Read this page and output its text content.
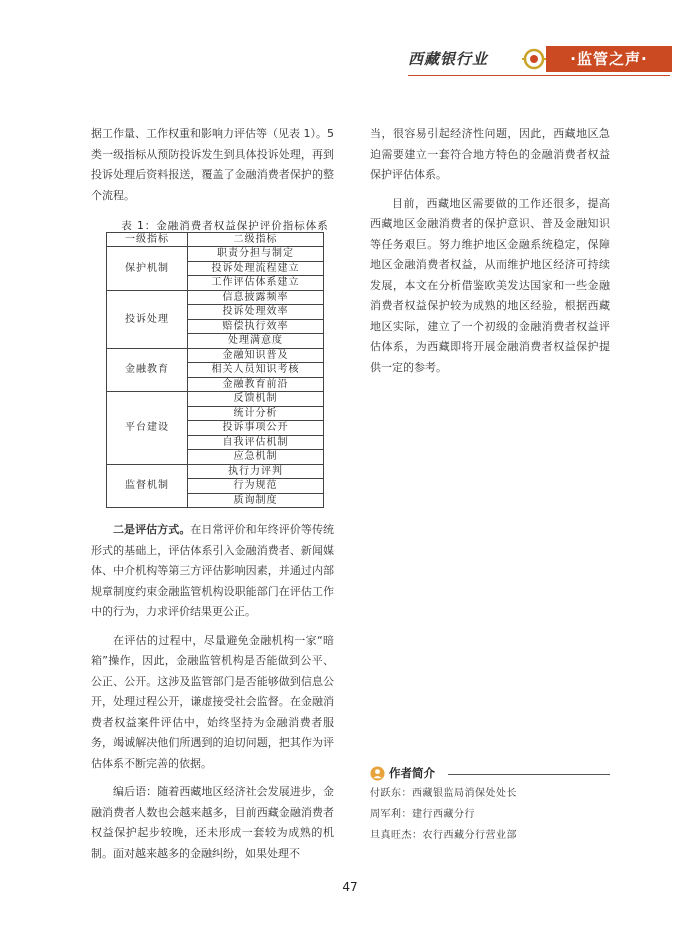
西藏银行业	·监管之声·

据工作量、工作权重和影响力评估等（见表 1）。5 类一级指标从预防投诉发生到具体投诉处理，再到投诉处理后资料报送，覆盖了金融消费者保护的整个流程。

表 1：金融消费者权益保护评价指标体系
一级指标	二级指标
保护机制	职责分担与制定
	投诉处理流程建立
	工作评估体系建立
投诉处理	信息披露频率
	投诉处理效率
	赔偿执行效率
	处理满意度
金融教育	金融知识普及
	相关人员知识考核
	金融教育前沿
平台建设	反馈机制
	统计分析
	投诉事项公开
	自我评估机制
	应急机制
监督机制	执行力评判
	行为规范
	质询制度

二是评估方式。在日常评价和年终评价等传统形式的基础上，评估体系引入金融消费者、新闻媒体、中介机构等第三方评估影响因素，并通过内部规章制度约束金融监管机构设职能部门在评估工作中的行为，力求评价结果更公正。

在评估的过程中，尽量避免金融机构一家“暗箱”操作，因此，金融监管机构是否能做到公平、公正、公开。这涉及监管部门是否能够做到信息公开，处理过程公开，谦虚接受社会监督。在金融消费者权益案件评估中，始终坚持为金融消费者服务，竭诚解决他们所遇到的迫切问题，把其作为评估体系不断完善的依据。

编后语：随着西藏地区经济社会发展进步，金融消费者人数也会越来越多，目前西藏金融消费者权益保护起步较晚，还未形成一套较为成熟的机制。面对越来越多的金融纠纷，如果处理不

当，很容易引起经济性问题，因此，西藏地区急迫需要建立一套符合地方特色的金融消费者权益保护评估体系。

目前，西藏地区需要做的工作还很多，提高西藏地区金融消费者的保护意识、普及金融知识等任务艰巨。努力维护地区金融系统稳定，保障地区金融消费者权益，从而维护地区经济可持续发展，本文在分析借鉴欧美发达国家和一些金融消费者权益保护较为成熟的地区经验，根据西藏地区实际，建立了一个初级的金融消费者权益评估体系，为西藏即将开展金融消费者权益保护提供一定的参考。

作者简介
付跃东：西藏银监局消保处处长
周军利：建行西藏分行
旦真旺杰：农行西藏分行营业部
47
